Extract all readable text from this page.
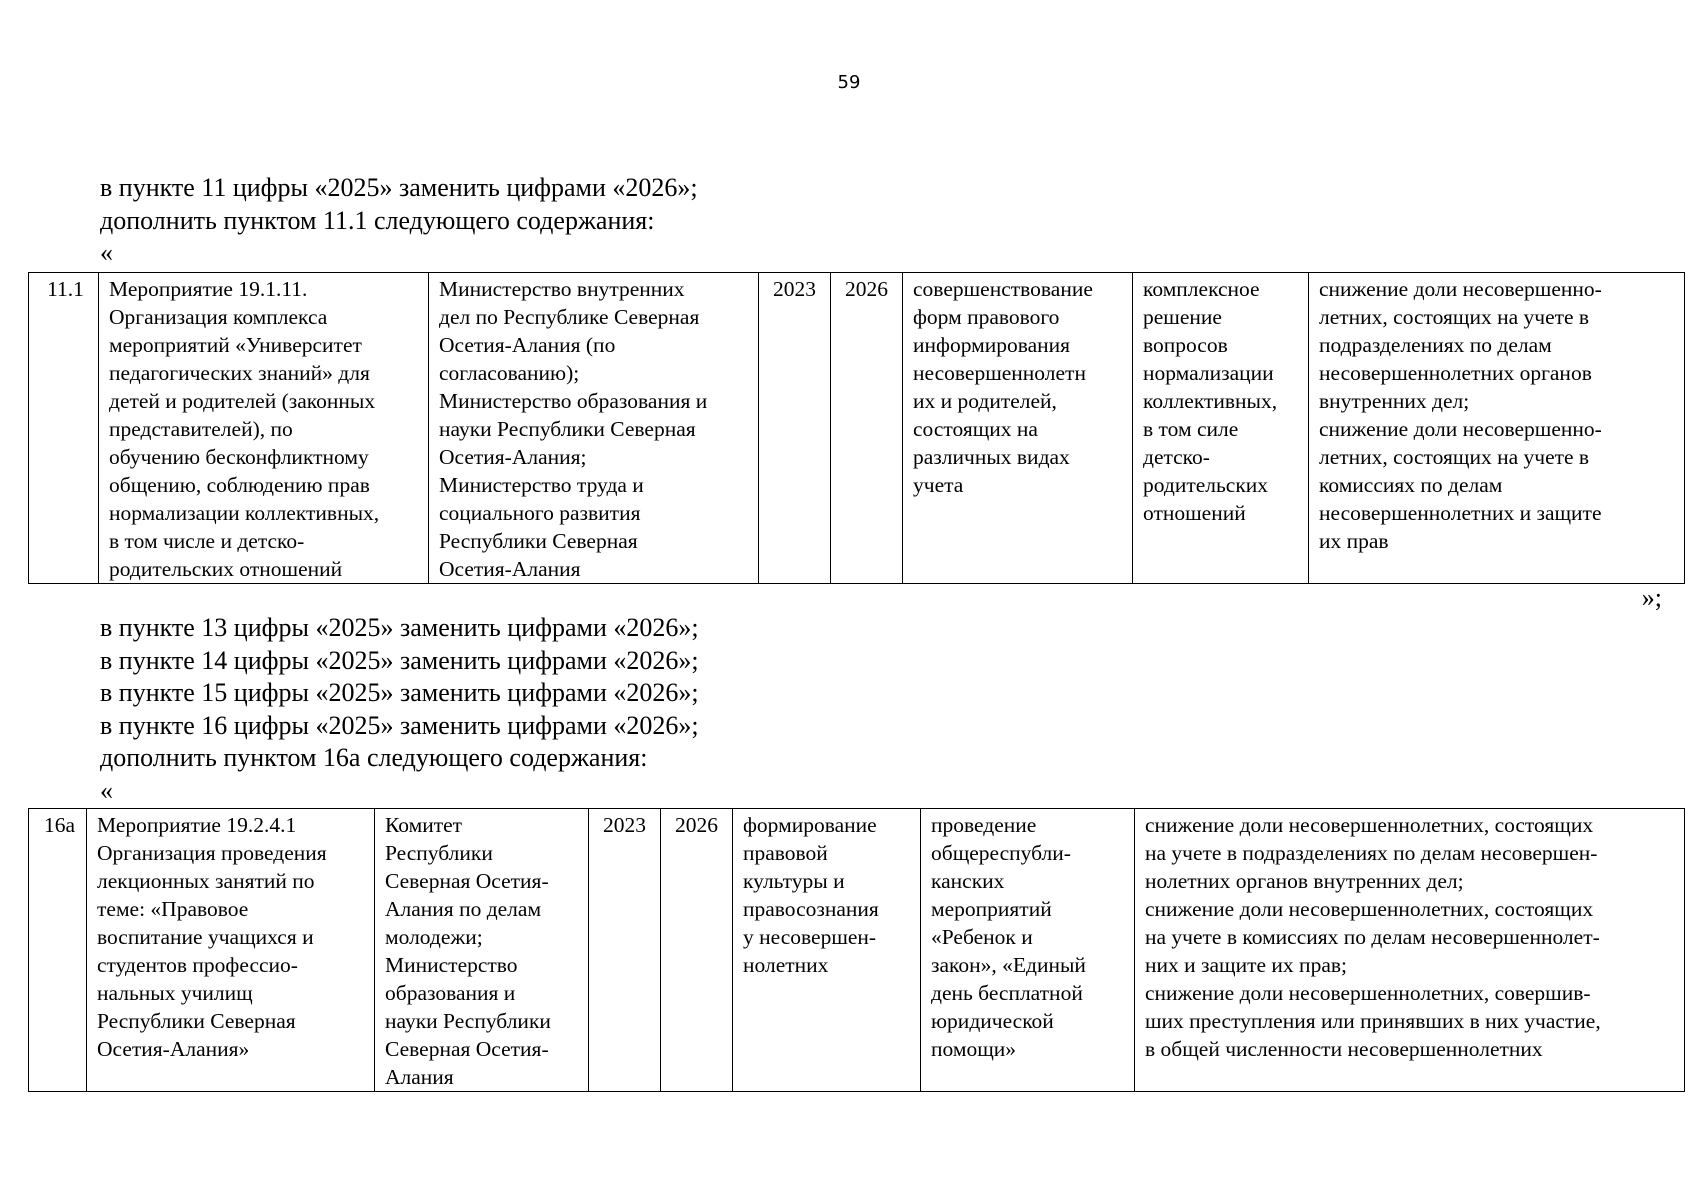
59
в пункте 11 цифры «2025» заменить цифрами «2026»;
дополнить пунктом 11.1 следующего содержания:
«
11.1	Мероприятие 19.1.11.
Организация комплекса
мероприятий «Университет
педагогических знаний» для
детей и родителей (законных
представителей), по
обучению бесконфликтному
общению, соблюдению прав
нормализации коллективных,
в том числе и детско-
родительских отношений	Министерство внутренних
дел по Республике Северная
Осетия-Алания (по
согласованию);
Министерство образования и
науки Республики Северная
Осетия-Алания;
Министерство труда и
социального развития
Республики Северная
Осетия-Алания	2023	2026	совершенствование
форм правового
информирования
несовершеннолетн
их и родителей,
состоящих на
различных видах
учета	комплексное
решение
вопросов
нормализации
коллективных,
в том силе
детско-
родительских
отношений	снижение доли несовершенно-
летних, состоящих на учете в
подразделениях по делам
несовершеннолетних органов
внутренних дел;
снижение доли несовершенно-
летних, состоящих на учете в
комиссиях по делам
несовершеннолетних и защите
их прав
»;
в пункте 13 цифры «2025» заменить цифрами «2026»;
в пункте 14 цифры «2025» заменить цифрами «2026»;
в пункте 15 цифры «2025» заменить цифрами «2026»;
в пункте 16 цифры «2025» заменить цифрами «2026»;
дополнить пунктом 16а следующего содержания:
«
16а	Мероприятие 19.2.4.1
Организация проведения
лекционных занятий по
теме: «Правовое
воспитание учащихся и
студентов профессио-
нальных училищ
Республики Северная
Осетия-Алания»	Комитет
Республики
Северная Осетия-
Алания по делам
молодежи;
Министерство
образования и
науки Республики
Северная Осетия-
Алания	2023	2026	формирование
правовой
культуры и
правосознания
у несовершен-
нолетних	проведение
общереспубли-
канских
мероприятий
«Ребенок и
закон», «Единый
день бесплатной
юридической
помощи»	снижение доли несовершеннолетних, состоящих
на учете в подразделениях по делам несовершен-
нолетних органов внутренних дел;
снижение доли несовершеннолетних, состоящих
на учете в комиссиях по делам несовершеннолет-
них и защите их прав;
снижение доли несовершеннолетних, совершив-
ших преступления или принявших в них участие,
в общей численности несовершеннолетних
